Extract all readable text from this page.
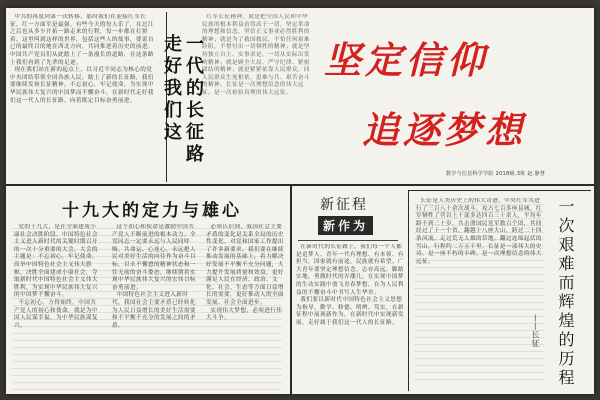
中共的再度向第一次转移，那时我们在迎接红军长征，红一方面军是最强。有些今天的每人乐了，在过江之后也从多少开拓一路走来的行程，每一步都在打拼着，这里叫到这样的世界，包括这些人的故事，要说自已的最终目的地在西北方向，共同推进着历史的前进。中国共产党员们从此踏上了一条漫长的道路，在这条路上我们看到了先辈的足迹。
现在我们站在新的起点上，以习近平同志为核心的党中央团结带领全国各族人民，踏上了新的长征路，我们要继续发扬长征精神，不忘初心，牢记使命，为实现中华民族伟大复兴的中国梦而不懈奋斗，在新时代走好我们这一代人的长征路，向着既定目标奋勇前进。	一代的长征路走好我们这
红军长征精神，就是把全国人民和中华民族的根本利益看得高于一切，坚定革命的理想和信念，坚信正义事业必然胜利的精神；就是为了救国救民，不怕任何艰难险阻，不惜付出一切牺牲的精神；就是坚持独立自主、实事求是，一切从实际出发的精神；就是顾全大局、严守纪律、紧密团结的精神；就是紧紧依靠人民群众，同人民群众生死相依、患难与共、艰苦奋斗的精神。长征是一次理想信念的伟大远征，是一次检验真理的伟大远征。
坚定信仰
追逐梦想
数学与信息科学学院 2018级.3班 赵.静慧
十九大的定力与雄心
党的十九大，是在全面建成小康社会决胜阶段、中国特色社会主义进入新时代的关键时期召开的一次十分重要的大会。大会的主题是：不忘初心，牢记使命，高举中国特色社会主义伟大旗帜，决胜全面建成小康社会，夺取新时代中国特色社会主义伟大胜利，为实现中华民族伟大复兴的中国梦不懈奋斗。
不忘初心，方得始终。中国共产党人的初心和使命，就是为中国人民谋幸福，为中华民族谋复兴。
这个初心和使命是激励中国共产党人不断前进的根本动力。全党同志一定要永远与人民同呼吸、共命运、心连心，永远把人民对美好生活的向往作为奋斗目标，以永不懈怠的精神状态和一往无前的奋斗姿态，继续朝着实现中华民族伟大复兴的宏伟目标奋勇前进。
中国特色社会主义进入新时代，我国社会主要矛盾已经转化为人民日益增长的美好生活需要和不平衡不充分的发展之间的矛盾。
必须认识到，我国社会主要矛盾的变化是关系全局的历史性变化，对党和国家工作提出了许多新要求。我们要在继续推动发展的基础上，着力解决好发展不平衡不充分问题，大力提升发展质量和效益，更好满足人民在经济、政治、文化、社会、生态等方面日益增长的需要，更好推动人的全面发展、社会全面进步。
实现伟大梦想，必须进行伟大斗争。
新征程
新作为
在新时代的长征路上，我们每一个人都是追梦人。青年一代有理想、有本领、有担当，国家就有前途，民族就有希望。广大青年要坚定理想信念，志存高远，脚踏实地，勇做时代的弄潮儿，在实现中国梦的生动实践中放飞青春梦想，在为人民利益的不懈奋斗中书写人生华章。
我们要以新时代中国特色社会主义思想为指导，勤学、修德、明辨、笃实，在新征程中展现新作为，在新时代中实现新发展，走好属于我们这一代人的长征路。
长征是人类历史上的伟大奇迹，中央红军共进行了三百八十余次战斗，攻占七百多座县城，红军牺牲了营以上干部多达四百三十余人，平均年龄不到三十岁，共击溃国民党军数百个团，其间经过了十一个省，翻越十八座大山，跨过二十四条河流，走过荒无人烟的草地，翻过连绵起伏的雪山，行程约二万五千里。长征是一部伟大的史诗，是一座不朽的丰碑，是一次理想信念的伟大远征。	一次艰难而辉煌的历程
——长征
